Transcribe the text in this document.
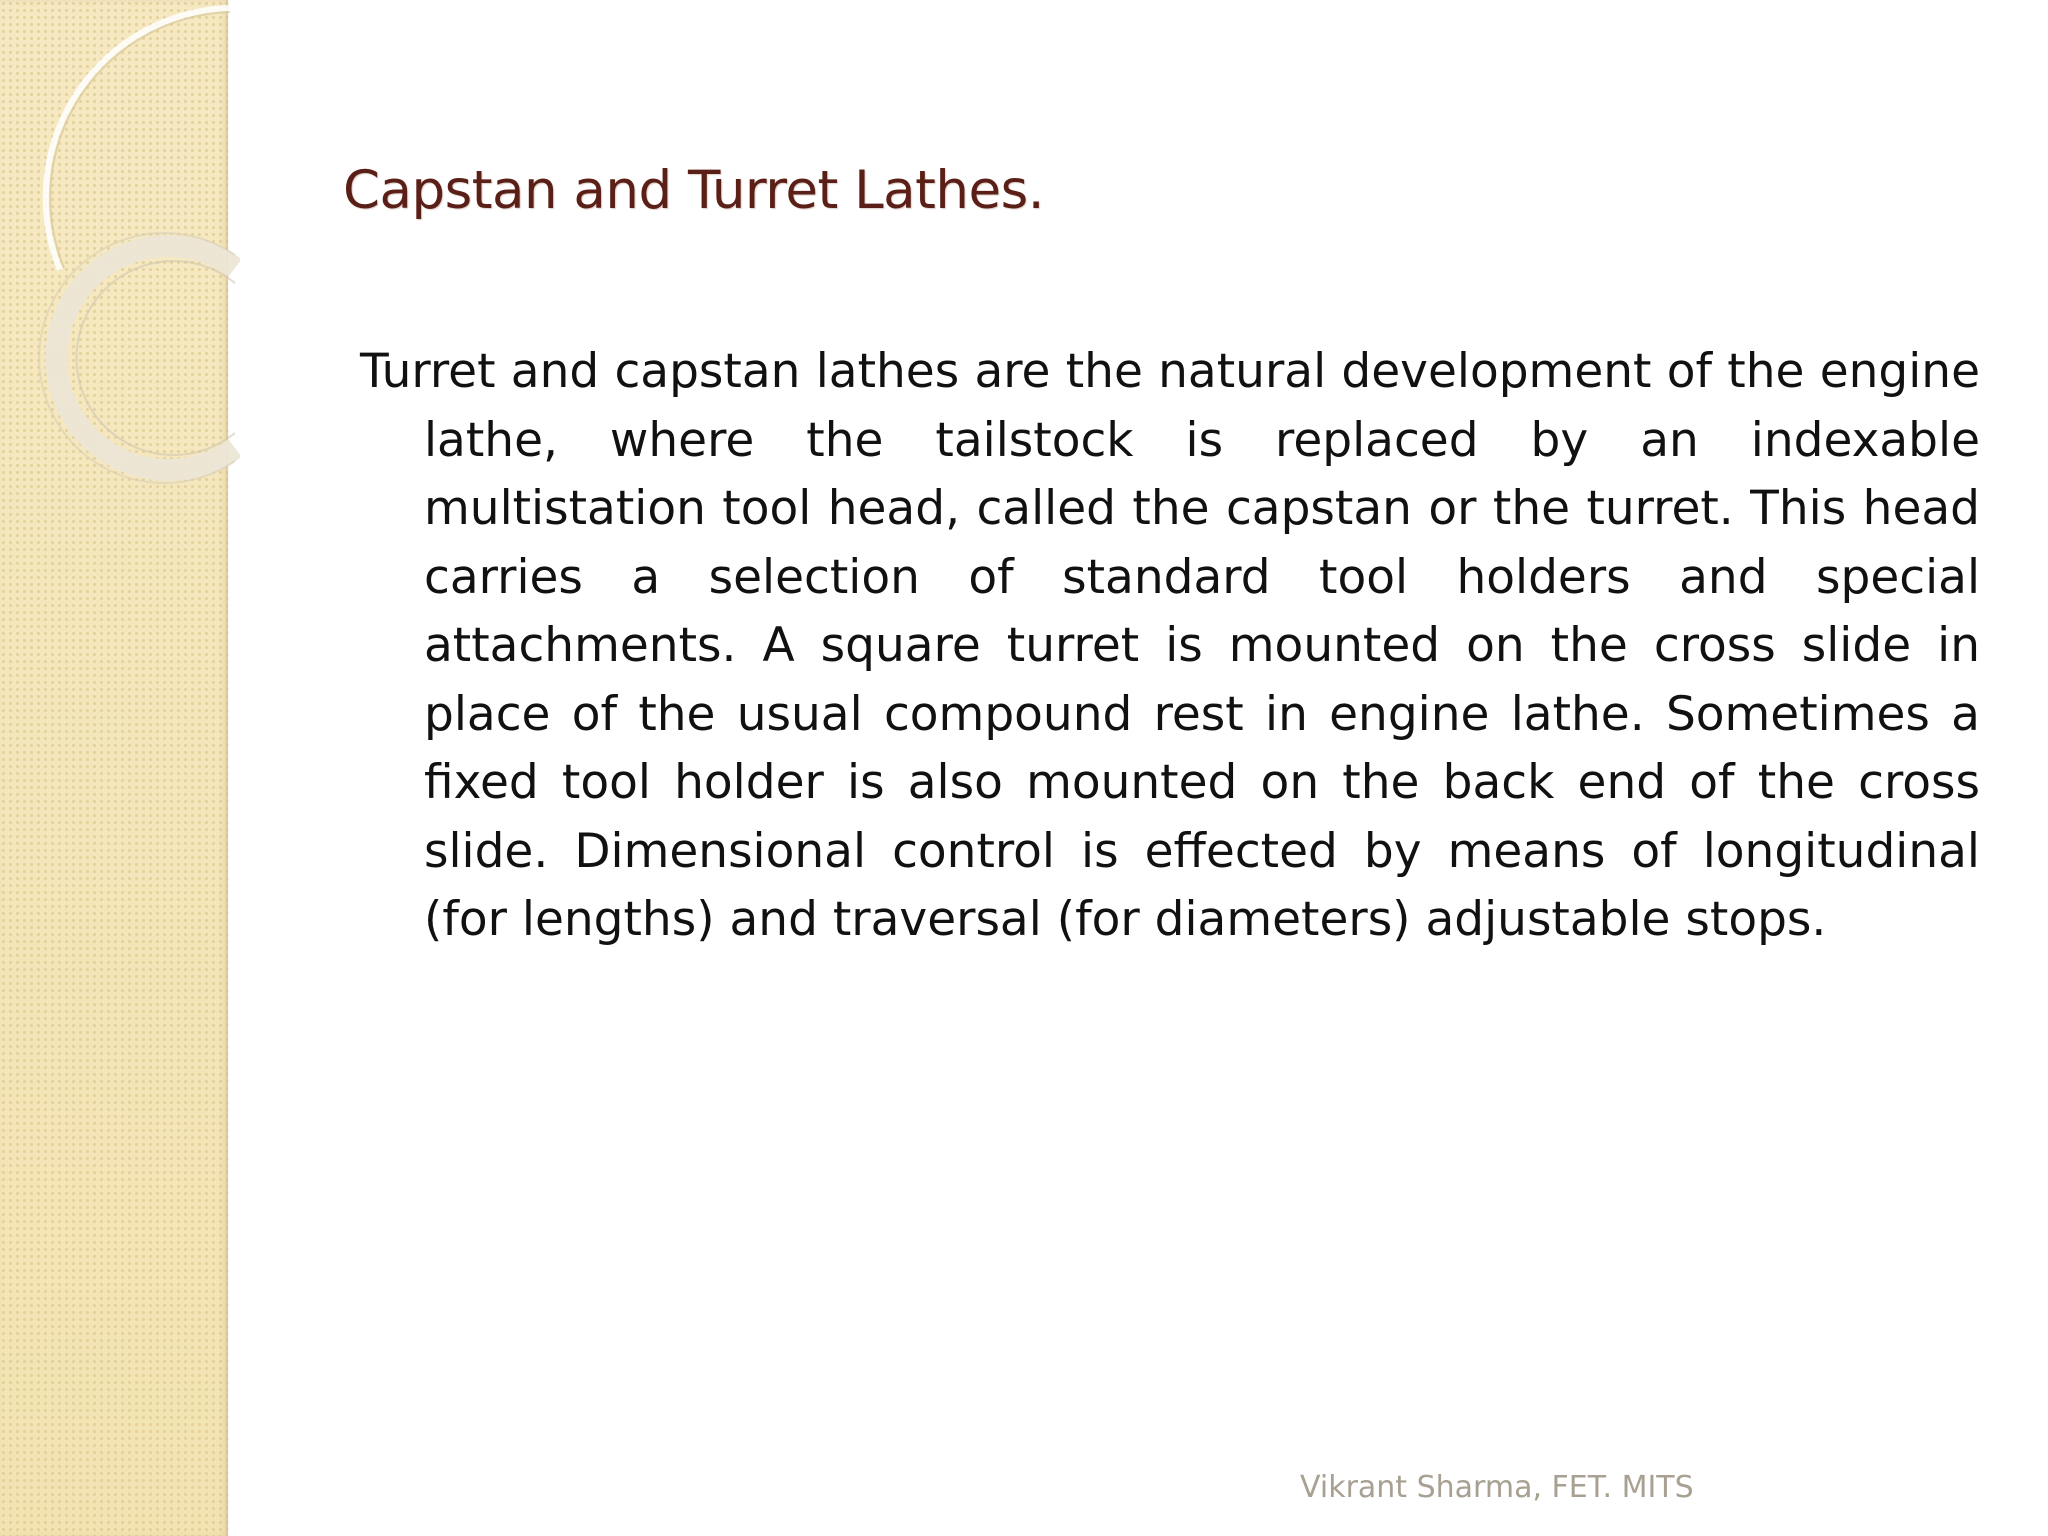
Capstan and Turret Lathes.

Turret and capstan lathes are the natural development of the engine lathe, where the tailstock is replaced by an indexable multistation tool head, called the capstan or the turret. This head carries a selection of standard tool holders and special attachments. A square turret is mounted on the cross slide in place of the usual compound rest in engine lathe. Sometimes a fixed tool holder is also mounted on the back end of the cross slide. Dimensional control is effected by means of longitudinal (for lengths) and traversal (for diameters) adjustable stops.

Vikrant Sharma, FET. MITS
